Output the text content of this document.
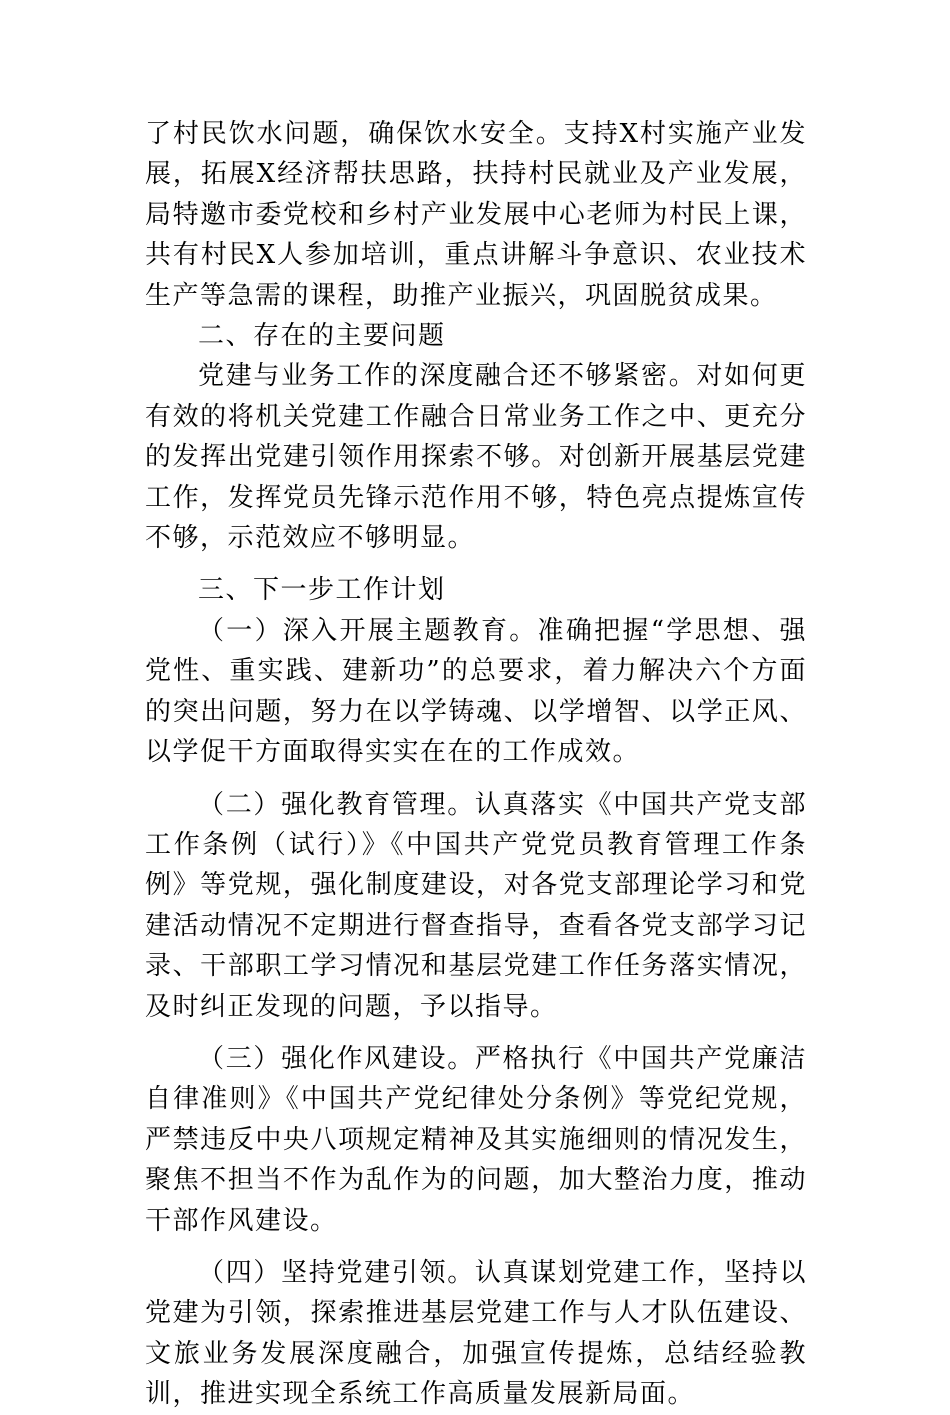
了村民饮水问题，确保饮水安全。支持X村实施产业发展，拓展X经济帮扶思路，扶持村民就业及产业发展，局特邀市委党校和乡村产业发展中心老师为村民上课，共有村民X人参加培训，重点讲解斗争意识、农业技术生产等急需的课程，助推产业振兴，巩固脱贫成果。

二、存在的主要问题

党建与业务工作的深度融合还不够紧密。对如何更有效的将机关党建工作融合日常业务工作之中、更充分的发挥出党建引领作用探索不够。对创新开展基层党建工作，发挥党员先锋示范作用不够，特色亮点提炼宣传不够，示范效应不够明显。

三、下一步工作计划

（一）深入开展主题教育。准确把握“学思想、强党性、重实践、建新功”的总要求，着力解决六个方面的突出问题，努力在以学铸魂、以学增智、以学正风、以学促干方面取得实实在在的工作成效。

（二）强化教育管理。认真落实《中国共产党支部工作条例（试行）》《中国共产党党员教育管理工作条例》等党规，强化制度建设，对各党支部理论学习和党建活动情况不定期进行督查指导，查看各党支部学习记录、干部职工学习情况和基层党建工作任务落实情况，及时纠正发现的问题，予以指导。

（三）强化作风建设。严格执行《中国共产党廉洁自律准则》《中国共产党纪律处分条例》等党纪党规，严禁违反中央八项规定精神及其实施细则的情况发生，聚焦不担当不作为乱作为的问题，加大整治力度，推动干部作风建设。

（四）坚持党建引领。认真谋划党建工作，坚持以党建为引领，探索推进基层党建工作与人才队伍建设、文旅业务发展深度融合，加强宣传提炼，总结经验教训，推进实现全系统工作高质量发展新局面。
